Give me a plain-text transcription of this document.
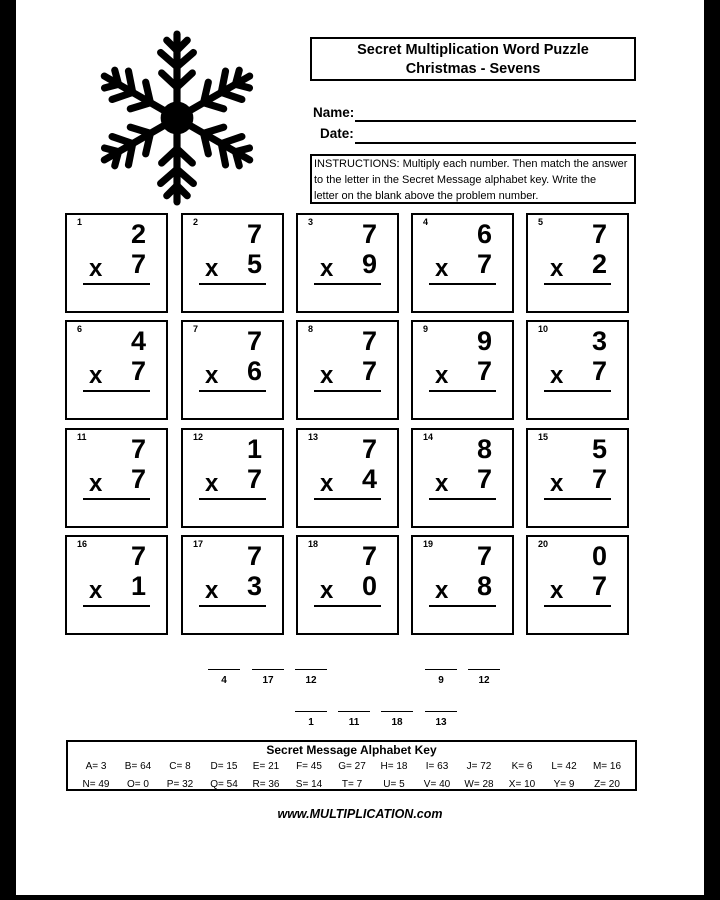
Secret Multiplication Word Puzzle
Christmas - Sevens
Name:
Date:
INSTRUCTIONS: Multiply each number. Then match the answer
to the letter in the Secret Message alphabet key. Write the
letter on the blank above the problem number.
1 2
x 7
2 7
x 5
3 7
x 9
4 6
x 7
5 7
x 2
6 4
x 7
7 7
x 6
8 7
x 7
9 9
x 7
10 3
x 7
11 7
x 7
12 1
x 7
13 7
x 4
14 8
x 7
15 5
x 7
16 7
x 1
17 7
x 3
18 7
x 0
19 7
x 8
20 0
x 7
4	17	12	9	12
1	11	18	13
Secret Message Alphabet Key
A= 3	B= 64	C= 8	D= 15	E= 21	F= 45	G= 27	H= 18	I= 63	J= 72	K= 6	L= 42	M= 16
N= 49	O= 0	P= 32	Q= 54	R= 36	S= 14	T= 7	U= 5	V= 40	W= 28	X= 10	Y= 9	Z= 20
www.MULTIPLICATION.com
